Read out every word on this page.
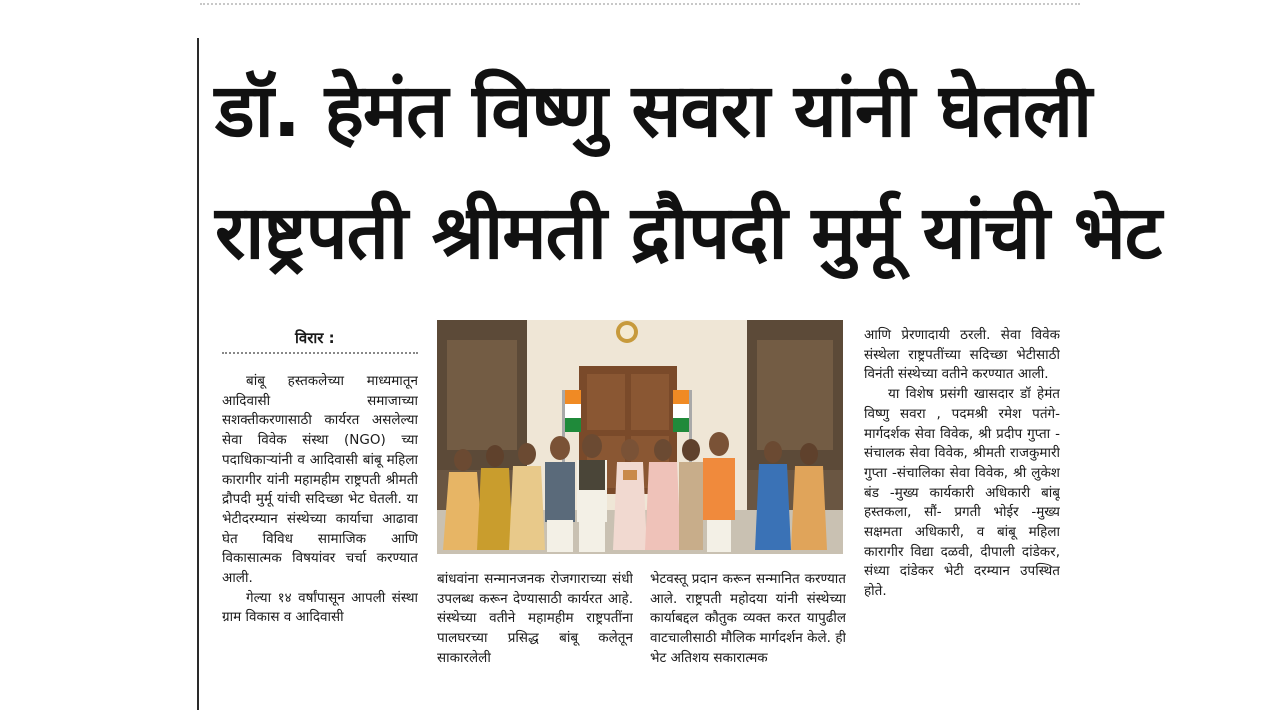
डॉ. हेमंत विष्णु सवरा यांनी घेतली
राष्ट्रपती श्रीमती द्रौपदी मुर्मू यांची भेट
विरार :

बांबू हस्तकलेच्या माध्यमातून आदिवासी समाजाच्या सशक्तीकरणासाठी कार्यरत असलेल्या सेवा विवेक संस्था (NGO) च्या पदाधिकाऱ्यांनी व आदिवासी बांबू महिला कारागीर यांनी महामहीम राष्ट्रपती श्रीमती द्रौपदी मुर्मू यांची सदिच्छा भेट घेतली. या भेटीदरम्यान संस्थेच्या कार्याचा आढावा घेत विविध सामाजिक आणि विकासात्मक विषयांवर चर्चा करण्यात आली.

गेल्या १४ वर्षांपासून आपली संस्था ग्राम विकास व आदिवासी

बांधवांना सन्मानजनक रोजगाराच्या संधी उपलब्ध करून देण्यासाठी कार्यरत आहे. संस्थेच्या वतीने महामहीम राष्ट्रपतींना पालघरच्या प्रसिद्ध बांबू कलेतून साकारलेली

भेटवस्तू प्रदान करून सन्मानित करण्यात आले. राष्ट्रपती महोदया यांनी संस्थेच्या कार्याबद्दल कौतुक व्यक्त करत यापुढील वाटचालीसाठी मौलिक मार्गदर्शन केले. ही भेट अतिशय सकारात्मक

आणि प्रेरणादायी ठरली. सेवा विवेक संस्थेला राष्ट्रपतींच्या सदिच्छा भेटीसाठी विनंती संस्थेच्या वतीने करण्यात आली.

या विशेष प्रसंगी खासदार डॉ हेमंत विष्णु सवरा , पदमश्री रमेश पतंगे- मार्गदर्शक सेवा विवेक, श्री प्रदीप गुप्ता - संचालक सेवा विवेक, श्रीमती राजकुमारी गुप्ता -संचालिका सेवा विवेक, श्री लुकेश बंड -मुख्य कार्यकारी अधिकारी बांबू हस्तकला, सौं- प्रगती भोईर -मुख्य सक्षमता अधिकारी, व बांबू महिला कारागीर विद्या दळवी, दीपाली दांडेकर, संध्या दांडेकर भेटी दरम्यान उपस्थित होते.
